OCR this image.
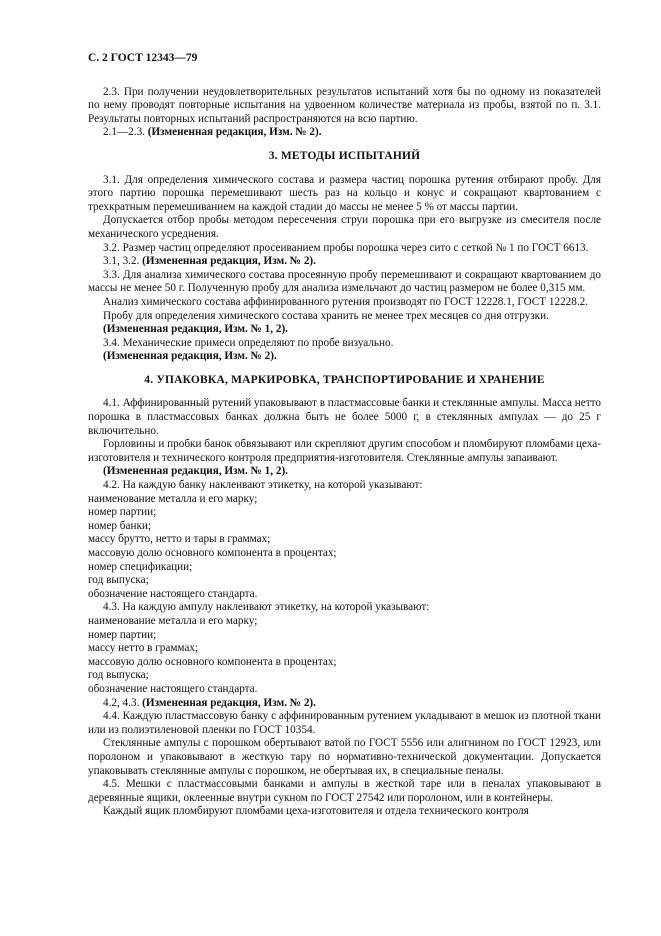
С. 2 ГОСТ 12343—79

2.3. При получении неудовлетворительных результатов испытаний хотя бы по одному из показателей по нему проводят повторные испытания на удвоенном количестве материала из пробы, взятой по п. 3.1. Результаты повторных испытаний распространяются на всю партию.

2.1—2.3. (Измененная редакция, Изм. № 2).

3. МЕТОДЫ ИСПЫТАНИЙ

3.1. Для определения химического состава и размера частиц порошка рутения отбирают пробу. Для этого партию порошка перемешивают шесть раз на кольцо и конус и сокращают квартованием с трехкратным перемешиванием на каждой стадии до массы не менее 5 % от массы партии.

Допускается отбор пробы методом пересечения струи порошка при его выгрузке из смесителя после механического усреднения.

3.2. Размер частиц определяют просеиванием пробы порошка через сито с сеткой № 1 по ГОСТ 6613.

3.1, 3.2. (Измененная редакция, Изм. № 2).

3.3. Для анализа химического состава просеянную пробу перемешивают и сокращают квартованием до массы не менее 50 г. Полученную пробу для анализа измельчают до частиц размером не более 0,315 мм.

Анализ химического состава аффинированного рутения производят по ГОСТ 12228.1, ГОСТ 12228.2.

Пробу для определения химического состава хранить не менее трех месяцев со дня отгрузки.

(Измененная редакция, Изм. № 1, 2).

3.4. Механические примеси определяют по пробе визуально.

(Измененная редакция, Изм. № 2).

4. УПАКОВКА, МАРКИРОВКА, ТРАНСПОРТИРОВАНИЕ И ХРАНЕНИЕ

4.1. Аффинированный рутений упаковывают в пластмассовые банки и стеклянные ампулы. Масса нетто порошка в пластмассовых банках должна быть не более 5000 г, в стеклянных ампулах — до 25 г включительно.

Горловины и пробки банок обвязывают или скрепляют другим способом и пломбируют пломбами цеха-изготовителя и технического контроля предприятия-изготовителя. Стеклянные ампулы запаивают.

(Измененная редакция, Изм. № 1, 2).

4.2. На каждую банку наклеивают этикетку, на которой указывают:

наименование металла и его марку;

номер партии;

номер банки;

массу брутто, нетто и тары в граммах;

массовую долю основного компонента в процентах;

номер спецификации;

год выпуска;

обозначение настоящего стандарта.

4.3. На каждую ампулу наклеивают этикетку, на которой указывают:

наименование металла и его марку;

номер партии;

массу нетто в граммах;

массовую долю основного компонента в процентах;

год выпуска;

обозначение настоящего стандарта.

4.2, 4.3. (Измененная редакция, Изм. № 2).

4.4. Каждую пластмассовую банку с аффинированным рутением укладывают в мешок из плотной ткани или из полиэтиленовой пленки по ГОСТ 10354.

Стеклянные ампулы с порошком обертывают ватой по ГОСТ 5556 или алигнином по ГОСТ 12923, или поролоном и упаковывают в жесткую тару по нормативно-технической документации. Допускается упаковывать стеклянные ампулы с порошком, не обертывая их, в специальные пеналы.

4.5. Мешки с пластмассовыми банками и ампулы в жесткой таре или в пеналах упаковывают в деревянные ящики, оклеенные внутри сукном по ГОСТ 27542 или поролоном, или в контейнеры.

Каждый ящик пломбируют пломбами цеха-изготовителя и отдела технического контроля
